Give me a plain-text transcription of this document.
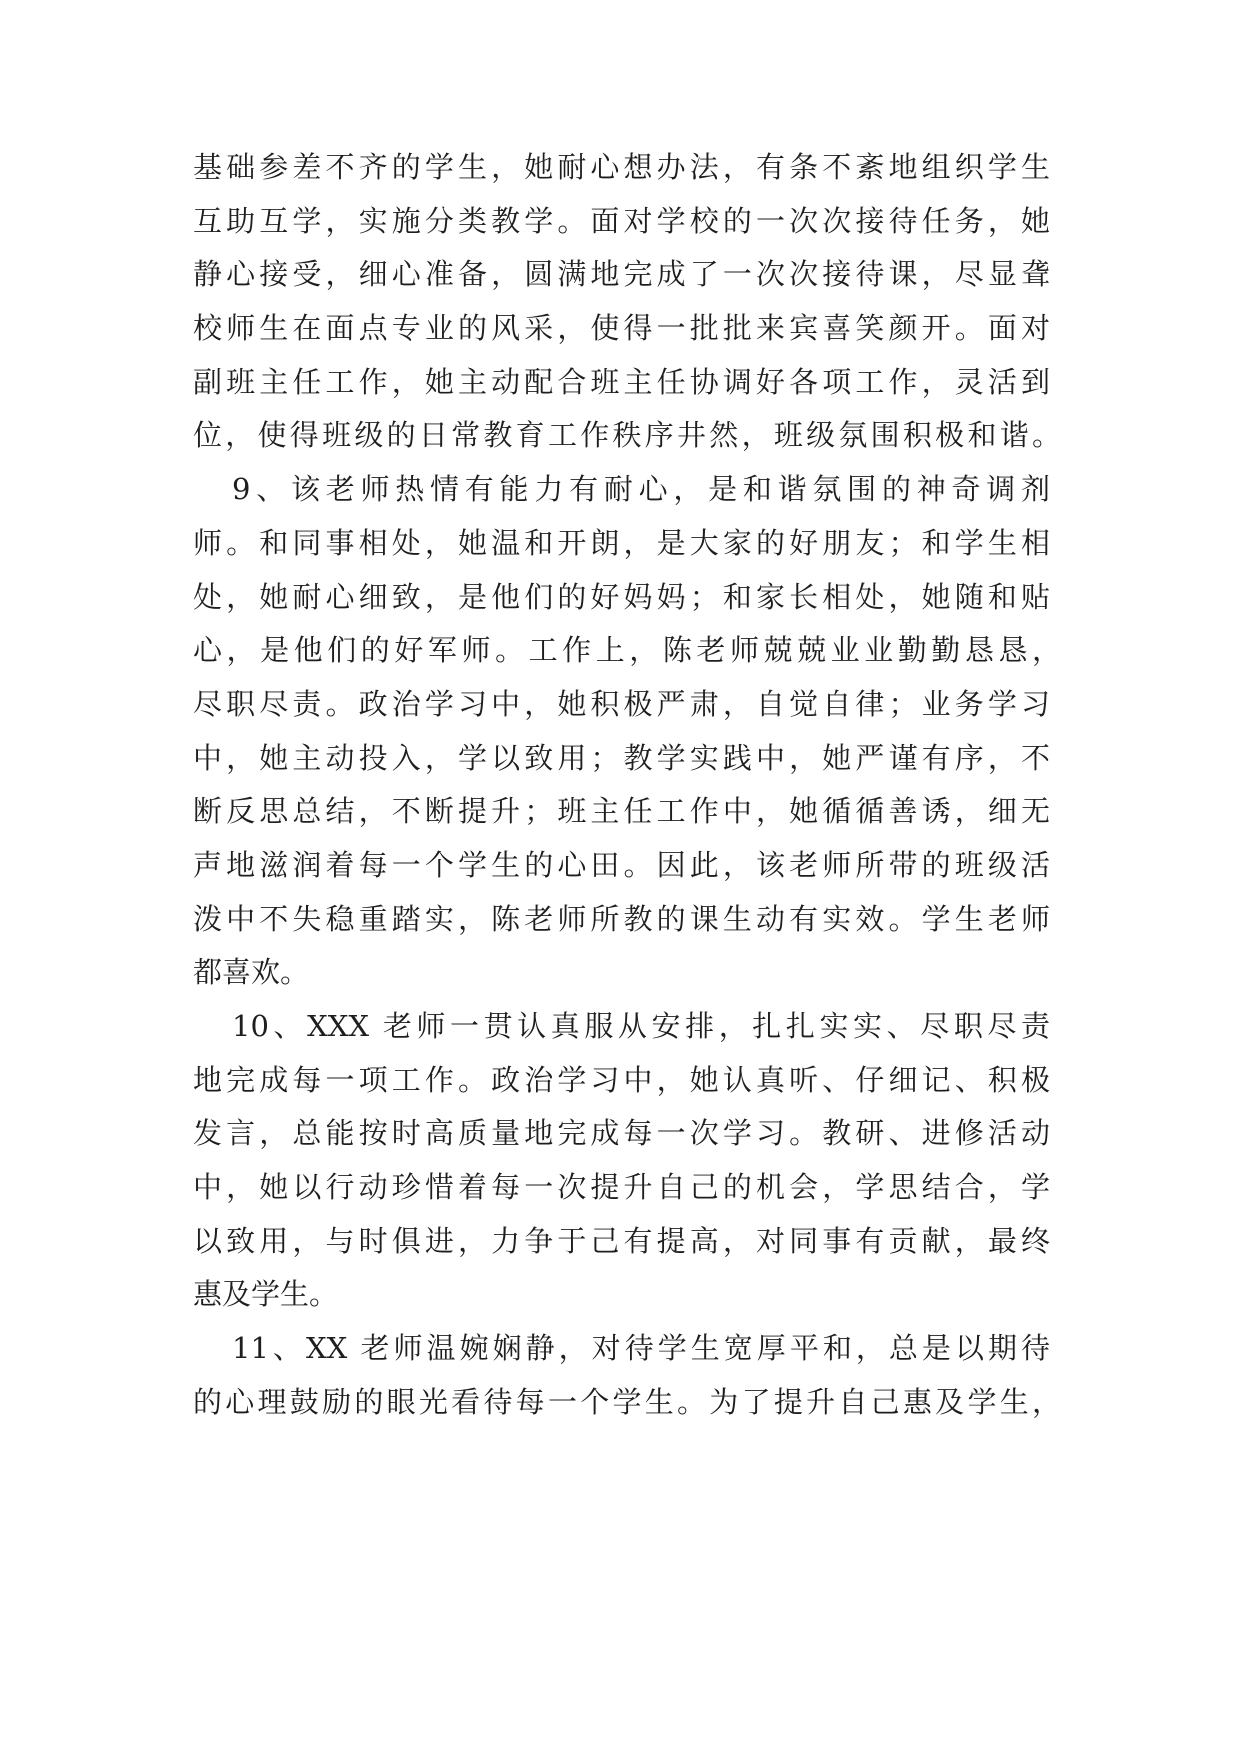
基础参差不齐的学生，她耐心想办法，有条不紊地组织学生
互助互学，实施分类教学。面对学校的一次次接待任务，她
静心接受，细心准备，圆满地完成了一次次接待课，尽显聋
校师生在面点专业的风采，使得一批批来宾喜笑颜开。面对
副班主任工作，她主动配合班主任协调好各项工作，灵活到
位，使得班级的日常教育工作秩序井然，班级氛围积极和谐。
9、该老师热情有能力有耐心，是和谐氛围的神奇调剂
师。和同事相处，她温和开朗，是大家的好朋友；和学生相
处，她耐心细致，是他们的好妈妈；和家长相处，她随和贴
心，是他们的好军师。工作上，陈老师兢兢业业勤勤恳恳，
尽职尽责。政治学习中，她积极严肃，自觉自律；业务学习
中，她主动投入，学以致用；教学实践中，她严谨有序，不
断反思总结，不断提升；班主任工作中，她循循善诱，细无
声地滋润着每一个学生的心田。因此，该老师所带的班级活
泼中不失稳重踏实，陈老师所教的课生动有实效。学生老师
都喜欢。
10、XXX 老师一贯认真服从安排，扎扎实实、尽职尽责
地完成每一项工作。政治学习中，她认真听、仔细记、积极
发言，总能按时高质量地完成每一次学习。教研、进修活动
中，她以行动珍惜着每一次提升自己的机会，学思结合，学
以致用，与时俱进，力争于己有提高，对同事有贡献，最终
惠及学生。
11、XX 老师温婉娴静，对待学生宽厚平和，总是以期待
的心理鼓励的眼光看待每一个学生。为了提升自己惠及学生，
